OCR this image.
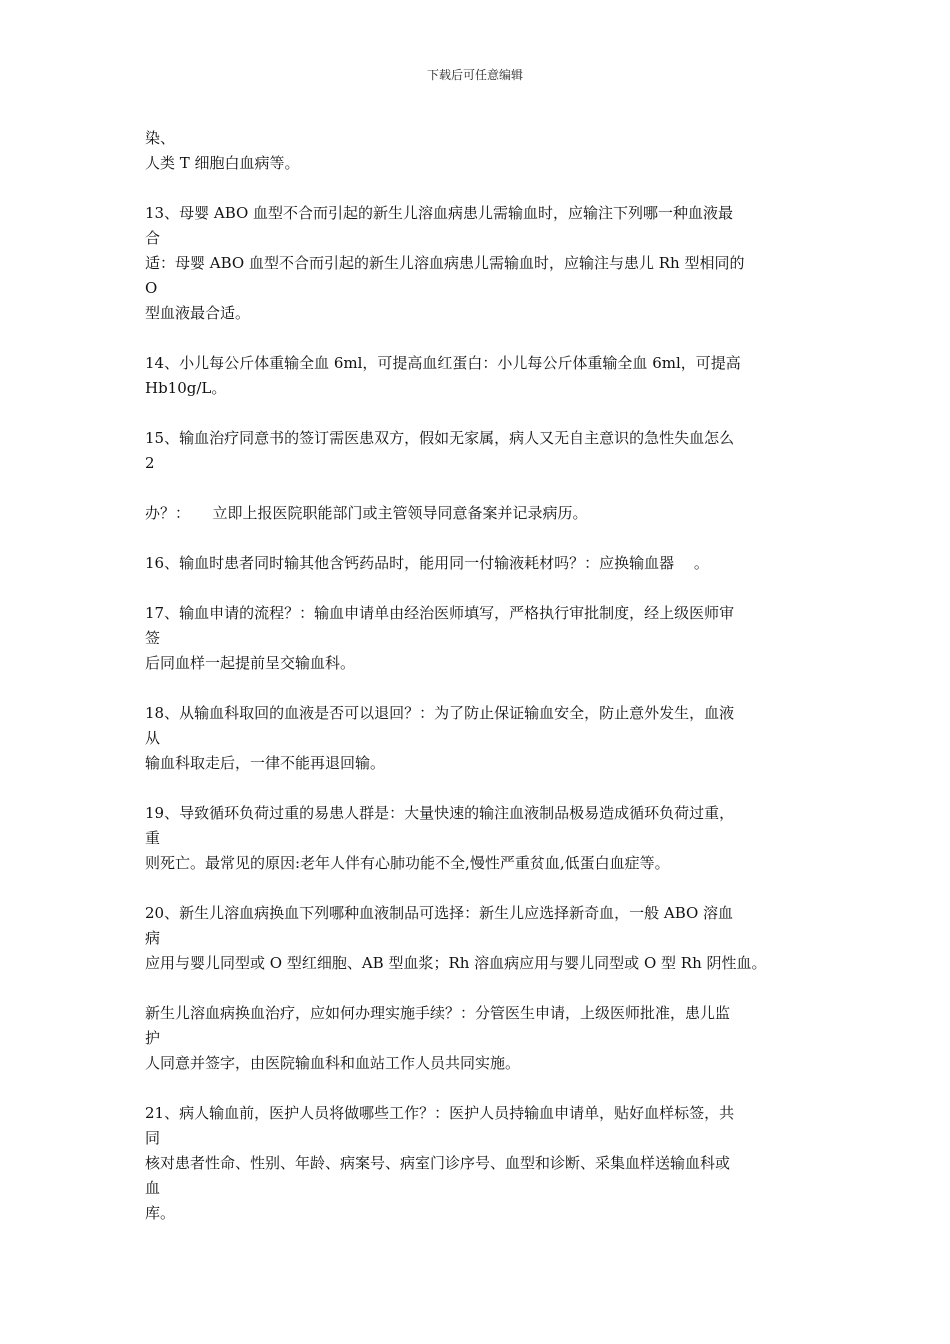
下载后可任意编辑
染、
人类 T 细胞白血病等。
13、母婴 ABO 血型不合而引起的新生儿溶血病患儿需输血时，应输注下列哪一种血液最
合
适：母婴 ABO 血型不合而引起的新生儿溶血病患儿需输血时，应输注与患儿 Rh 型相同的
O
型血液最合适。
14、小儿每公斤体重输全血 6ml，可提高血红蛋白：小儿每公斤体重输全血 6ml，可提高
Hb10g/L。
15、输血治疗同意书的签订需医患双方，假如无家属，病人又无自主意识的急性失血怎么
2
办？：　　立即上报医院职能部门或主管领导同意备案并记录病历。
16、输血时患者同时输其他含钙药品时，能用同一付输液耗材吗？：应换输血器　 。
17、输血申请的流程？：输血申请单由经治医师填写，严格执行审批制度，经上级医师审
签
后同血样一起提前呈交输血科。
18、从输血科取回的血液是否可以退回？：为了防止保证输血安全，防止意外发生，血液
从
输血科取走后，一律不能再退回输。
19、导致循环负荷过重的易患人群是：大量快速的输注血液制品极易造成循环负荷过重，
重
则死亡。最常见的原因:老年人伴有心肺功能不全,慢性严重贫血,低蛋白血症等。
20、新生儿溶血病换血下列哪种血液制品可选择：新生儿应选择新奇血，一般 ABO 溶血
病
应用与婴儿同型或 O 型红细胞、AB 型血浆；Rh 溶血病应用与婴儿同型或 O 型 Rh 阴性血。
新生儿溶血病换血治疗，应如何办理实施手续？：分管医生申请，上级医师批准，患儿监
护
人同意并签字，由医院输血科和血站工作人员共同实施。
21、病人输血前，医护人员将做哪些工作？：医护人员持输血申请单，贴好血样标签，共
同
核对患者性命、性别、年龄、病案号、病室门诊序号、血型和诊断、采集血样送输血科或
血
库。
